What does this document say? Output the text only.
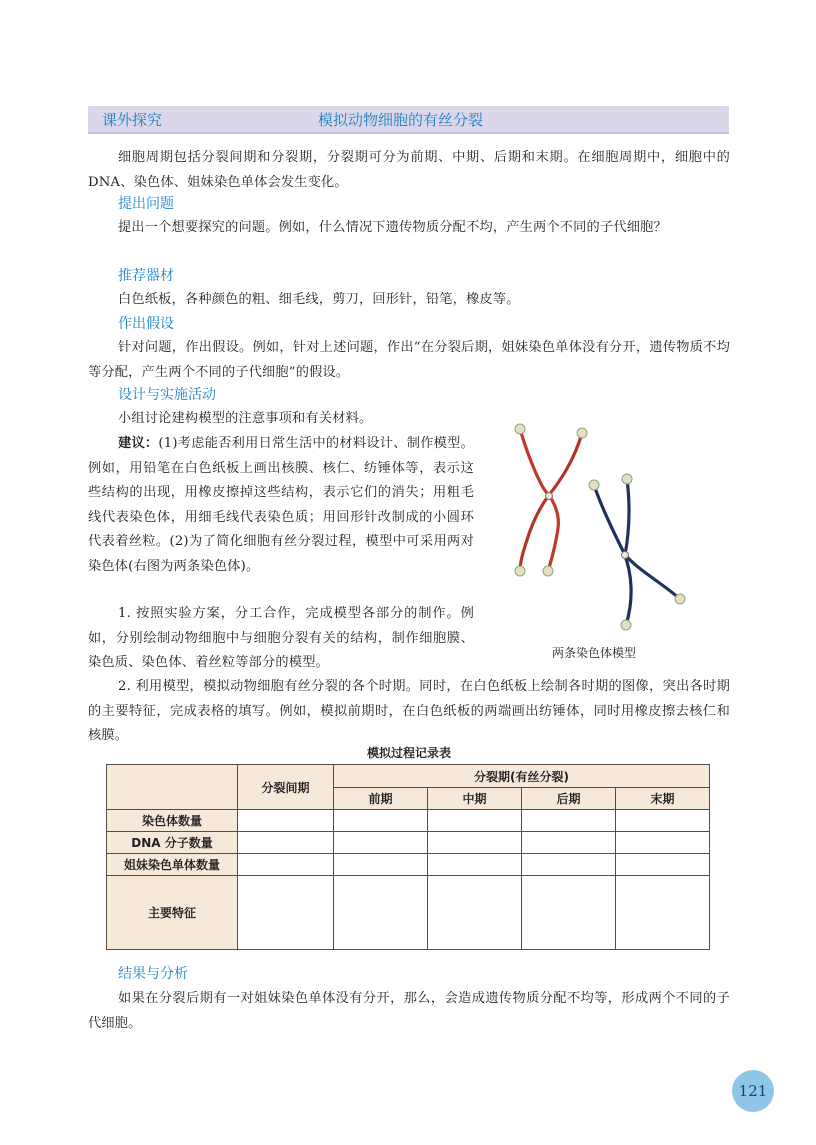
课外探究	模拟动物细胞的有丝分裂
细胞周期包括分裂间期和分裂期，分裂期可分为前期、中期、后期和末期。在细胞周期中，细胞中的 DNA、染色体、姐妹染色单体会发生变化。
提出问题
提出一个想要探究的问题。例如，什么情况下遗传物质分配不均，产生两个不同的子代细胞？
推荐器材
白色纸板，各种颜色的粗、细毛线，剪刀，回形针，铅笔，橡皮等。
作出假设
针对问题，作出假设。例如，针对上述问题，作出“在分裂后期，姐妹染色单体没有分开，遗传物质不均等分配，产生两个不同的子代细胞”的假设。
设计与实施活动
小组讨论建构模型的注意事项和有关材料。
建议：(1)考虑能否利用日常生活中的材料设计、制作模型。例如，用铅笔在白色纸板上画出核膜、核仁、纺锤体等，表示这些结构的出现，用橡皮擦掉这些结构，表示它们的消失；用粗毛线代表染色体，用细毛线代表染色质；用回形针改制成的小圆环代表着丝粒。(2)为了简化细胞有丝分裂过程，模型中可采用两对染色体(右图为两条染色体)。
1. 按照实验方案，分工合作，完成模型各部分的制作。例如，分别绘制动物细胞中与细胞分裂有关的结构，制作细胞膜、染色质、染色体、着丝粒等部分的模型。
两条染色体模型
2. 利用模型，模拟动物细胞有丝分裂的各个时期。同时，在白色纸板上绘制各时期的图像，突出各时期的主要特征，完成表格的填写。例如，模拟前期时，在白色纸板的两端画出纺锤体，同时用橡皮擦去核仁和核膜。
模拟过程记录表
	分裂间期	分裂期(有丝分裂)			
		前期	中期	后期	末期
染色体数量					
DNA 分子数量					
姐妹染色单体数量					
主要特征					
结果与分析
如果在分裂后期有一对姐妹染色单体没有分开，那么，会造成遗传物质分配不均等，形成两个不同的子代细胞。
121
